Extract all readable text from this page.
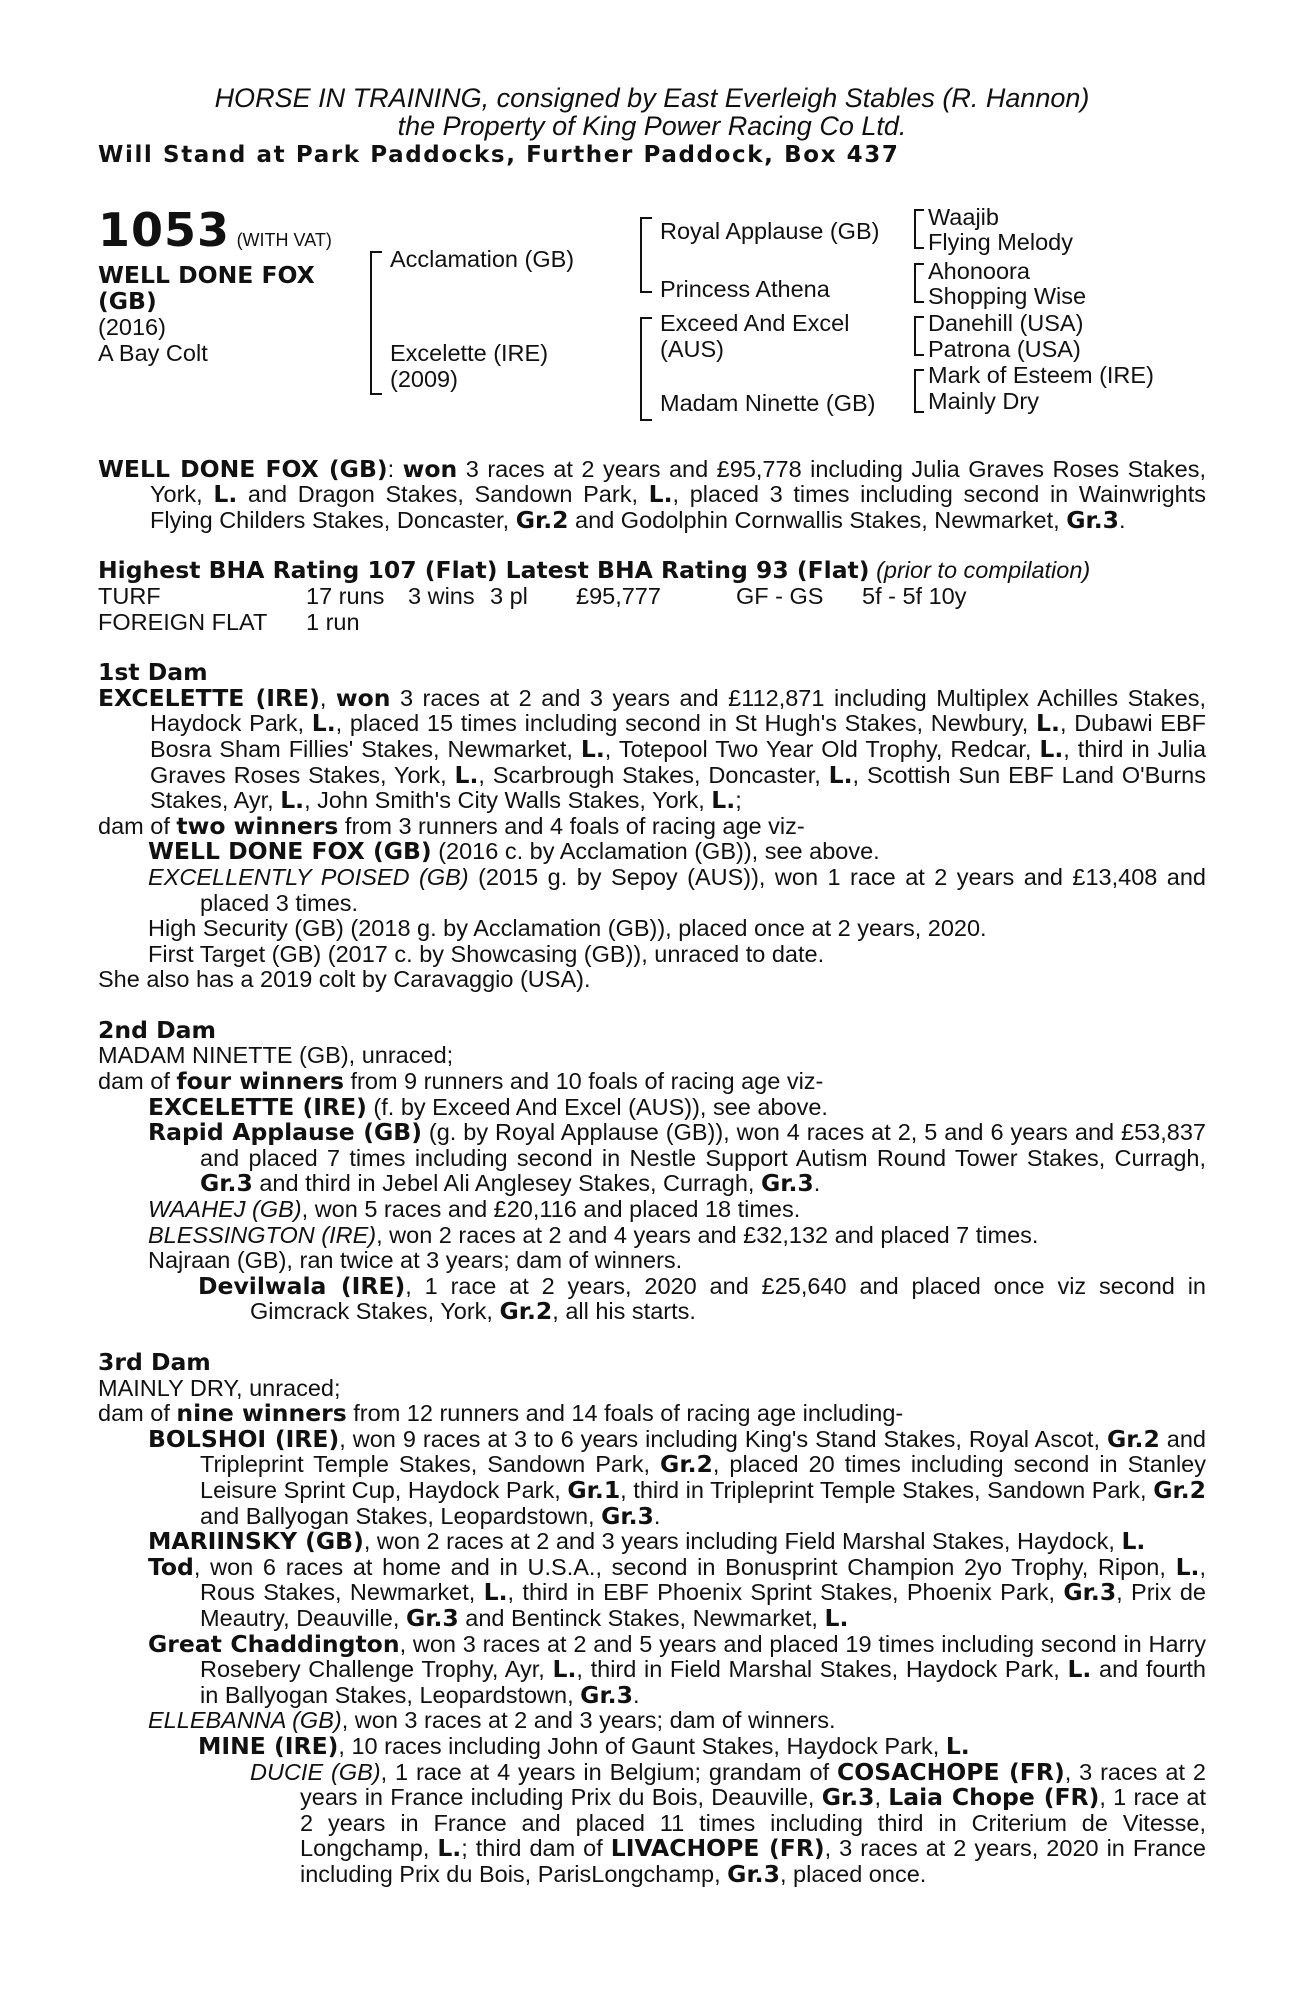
HORSE IN TRAINING, consigned by East Everleigh Stables (R. Hannon)
the Property of King Power Racing Co Ltd.
Will Stand at Park Paddocks, Further Paddock, Box 437
1053 (WITH VAT)
WELL DONE FOX
(GB)
(2016)
A Bay Colt
Acclamation (GB)
Excelette (IRE)
(2009)
Royal Applause (GB)
Princess Athena
Exceed And Excel
(AUS)
Madam Ninette (GB)
Waajib
Flying Melody
Ahonoora
Shopping Wise
Danehill (USA)
Patrona (USA)
Mark of Esteem (IRE)
Mainly Dry

WELL DONE FOX (GB): won 3 races at 2 years and £95,778 including Julia Graves Roses Stakes, York, L. and Dragon Stakes, Sandown Park, L., placed 3 times including second in Wainwrights Flying Childers Stakes, Doncaster, Gr.2 and Godolphin Cornwallis Stakes, Newmarket, Gr.3.

Highest BHA Rating 107 (Flat) Latest BHA Rating 93 (Flat) (prior to compilation)
TURF	17 runs	3 wins 3 pl	£95,777	GF - GS	5f - 5f 10y
FOREIGN FLAT	1 run
1st Dam

EXCELETTE (IRE), won 3 races at 2 and 3 years and £112,871 including Multiplex Achilles Stakes, Haydock Park, L., placed 15 times including second in St Hugh's Stakes, Newbury, L., Dubawi EBF Bosra Sham Fillies' Stakes, Newmarket, L., Totepool Two Year Old Trophy, Redcar, L., third in Julia Graves Roses Stakes, York, L., Scarbrough Stakes, Doncaster, L., Scottish Sun EBF Land O'Burns Stakes, Ayr, L., John Smith's City Walls Stakes, York, L.;

dam of two winners from 3 runners and 4 foals of racing age viz-

WELL DONE FOX (GB) (2016 c. by Acclamation (GB)), see above.

EXCELLENTLY POISED (GB) (2015 g. by Sepoy (AUS)), won 1 race at 2 years and £13,408 and placed 3 times.

High Security (GB) (2018 g. by Acclamation (GB)), placed once at 2 years, 2020.

First Target (GB) (2017 c. by Showcasing (GB)), unraced to date.

She also has a 2019 colt by Caravaggio (USA).

2nd Dam

MADAM NINETTE (GB), unraced;

dam of four winners from 9 runners and 10 foals of racing age viz-

EXCELETTE (IRE) (f. by Exceed And Excel (AUS)), see above.

Rapid Applause (GB) (g. by Royal Applause (GB)), won 4 races at 2, 5 and 6 years and £53,837 and placed 7 times including second in Nestle Support Autism Round Tower Stakes, Curragh, Gr.3 and third in Jebel Ali Anglesey Stakes, Curragh, Gr.3.

WAAHEJ (GB), won 5 races and £20,116 and placed 18 times.

BLESSINGTON (IRE), won 2 races at 2 and 4 years and £32,132 and placed 7 times.

Najraan (GB), ran twice at 3 years; dam of winners.

Devilwala (IRE), 1 race at 2 years, 2020 and £25,640 and placed once viz second in Gimcrack Stakes, York, Gr.2, all his starts.

3rd Dam

MAINLY DRY, unraced;

dam of nine winners from 12 runners and 14 foals of racing age including-

BOLSHOI (IRE), won 9 races at 3 to 6 years including King's Stand Stakes, Royal Ascot, Gr.2 and Tripleprint Temple Stakes, Sandown Park, Gr.2, placed 20 times including second in Stanley Leisure Sprint Cup, Haydock Park, Gr.1, third in Tripleprint Temple Stakes, Sandown Park, Gr.2 and Ballyogan Stakes, Leopardstown, Gr.3.

MARIINSKY (GB), won 2 races at 2 and 3 years including Field Marshal Stakes, Haydock, L.

Tod, won 6 races at home and in U.S.A., second in Bonusprint Champion 2yo Trophy, Ripon, L., Rous Stakes, Newmarket, L., third in EBF Phoenix Sprint Stakes, Phoenix Park, Gr.3, Prix de Meautry, Deauville, Gr.3 and Bentinck Stakes, Newmarket, L.

Great Chaddington, won 3 races at 2 and 5 years and placed 19 times including second in Harry Rosebery Challenge Trophy, Ayr, L., third in Field Marshal Stakes, Haydock Park, L. and fourth in Ballyogan Stakes, Leopardstown, Gr.3.

ELLEBANNA (GB), won 3 races at 2 and 3 years; dam of winners.

MINE (IRE), 10 races including John of Gaunt Stakes, Haydock Park, L.

DUCIE (GB), 1 race at 4 years in Belgium; grandam of COSACHOPE (FR), 3 races at 2 years in France including Prix du Bois, Deauville, Gr.3, Laia Chope (FR), 1 race at 2 years in France and placed 11 times including third in Criterium de Vitesse, Longchamp, L.; third dam of LIVACHOPE (FR), 3 races at 2 years, 2020 in France including Prix du Bois, ParisLongchamp, Gr.3, placed once.
